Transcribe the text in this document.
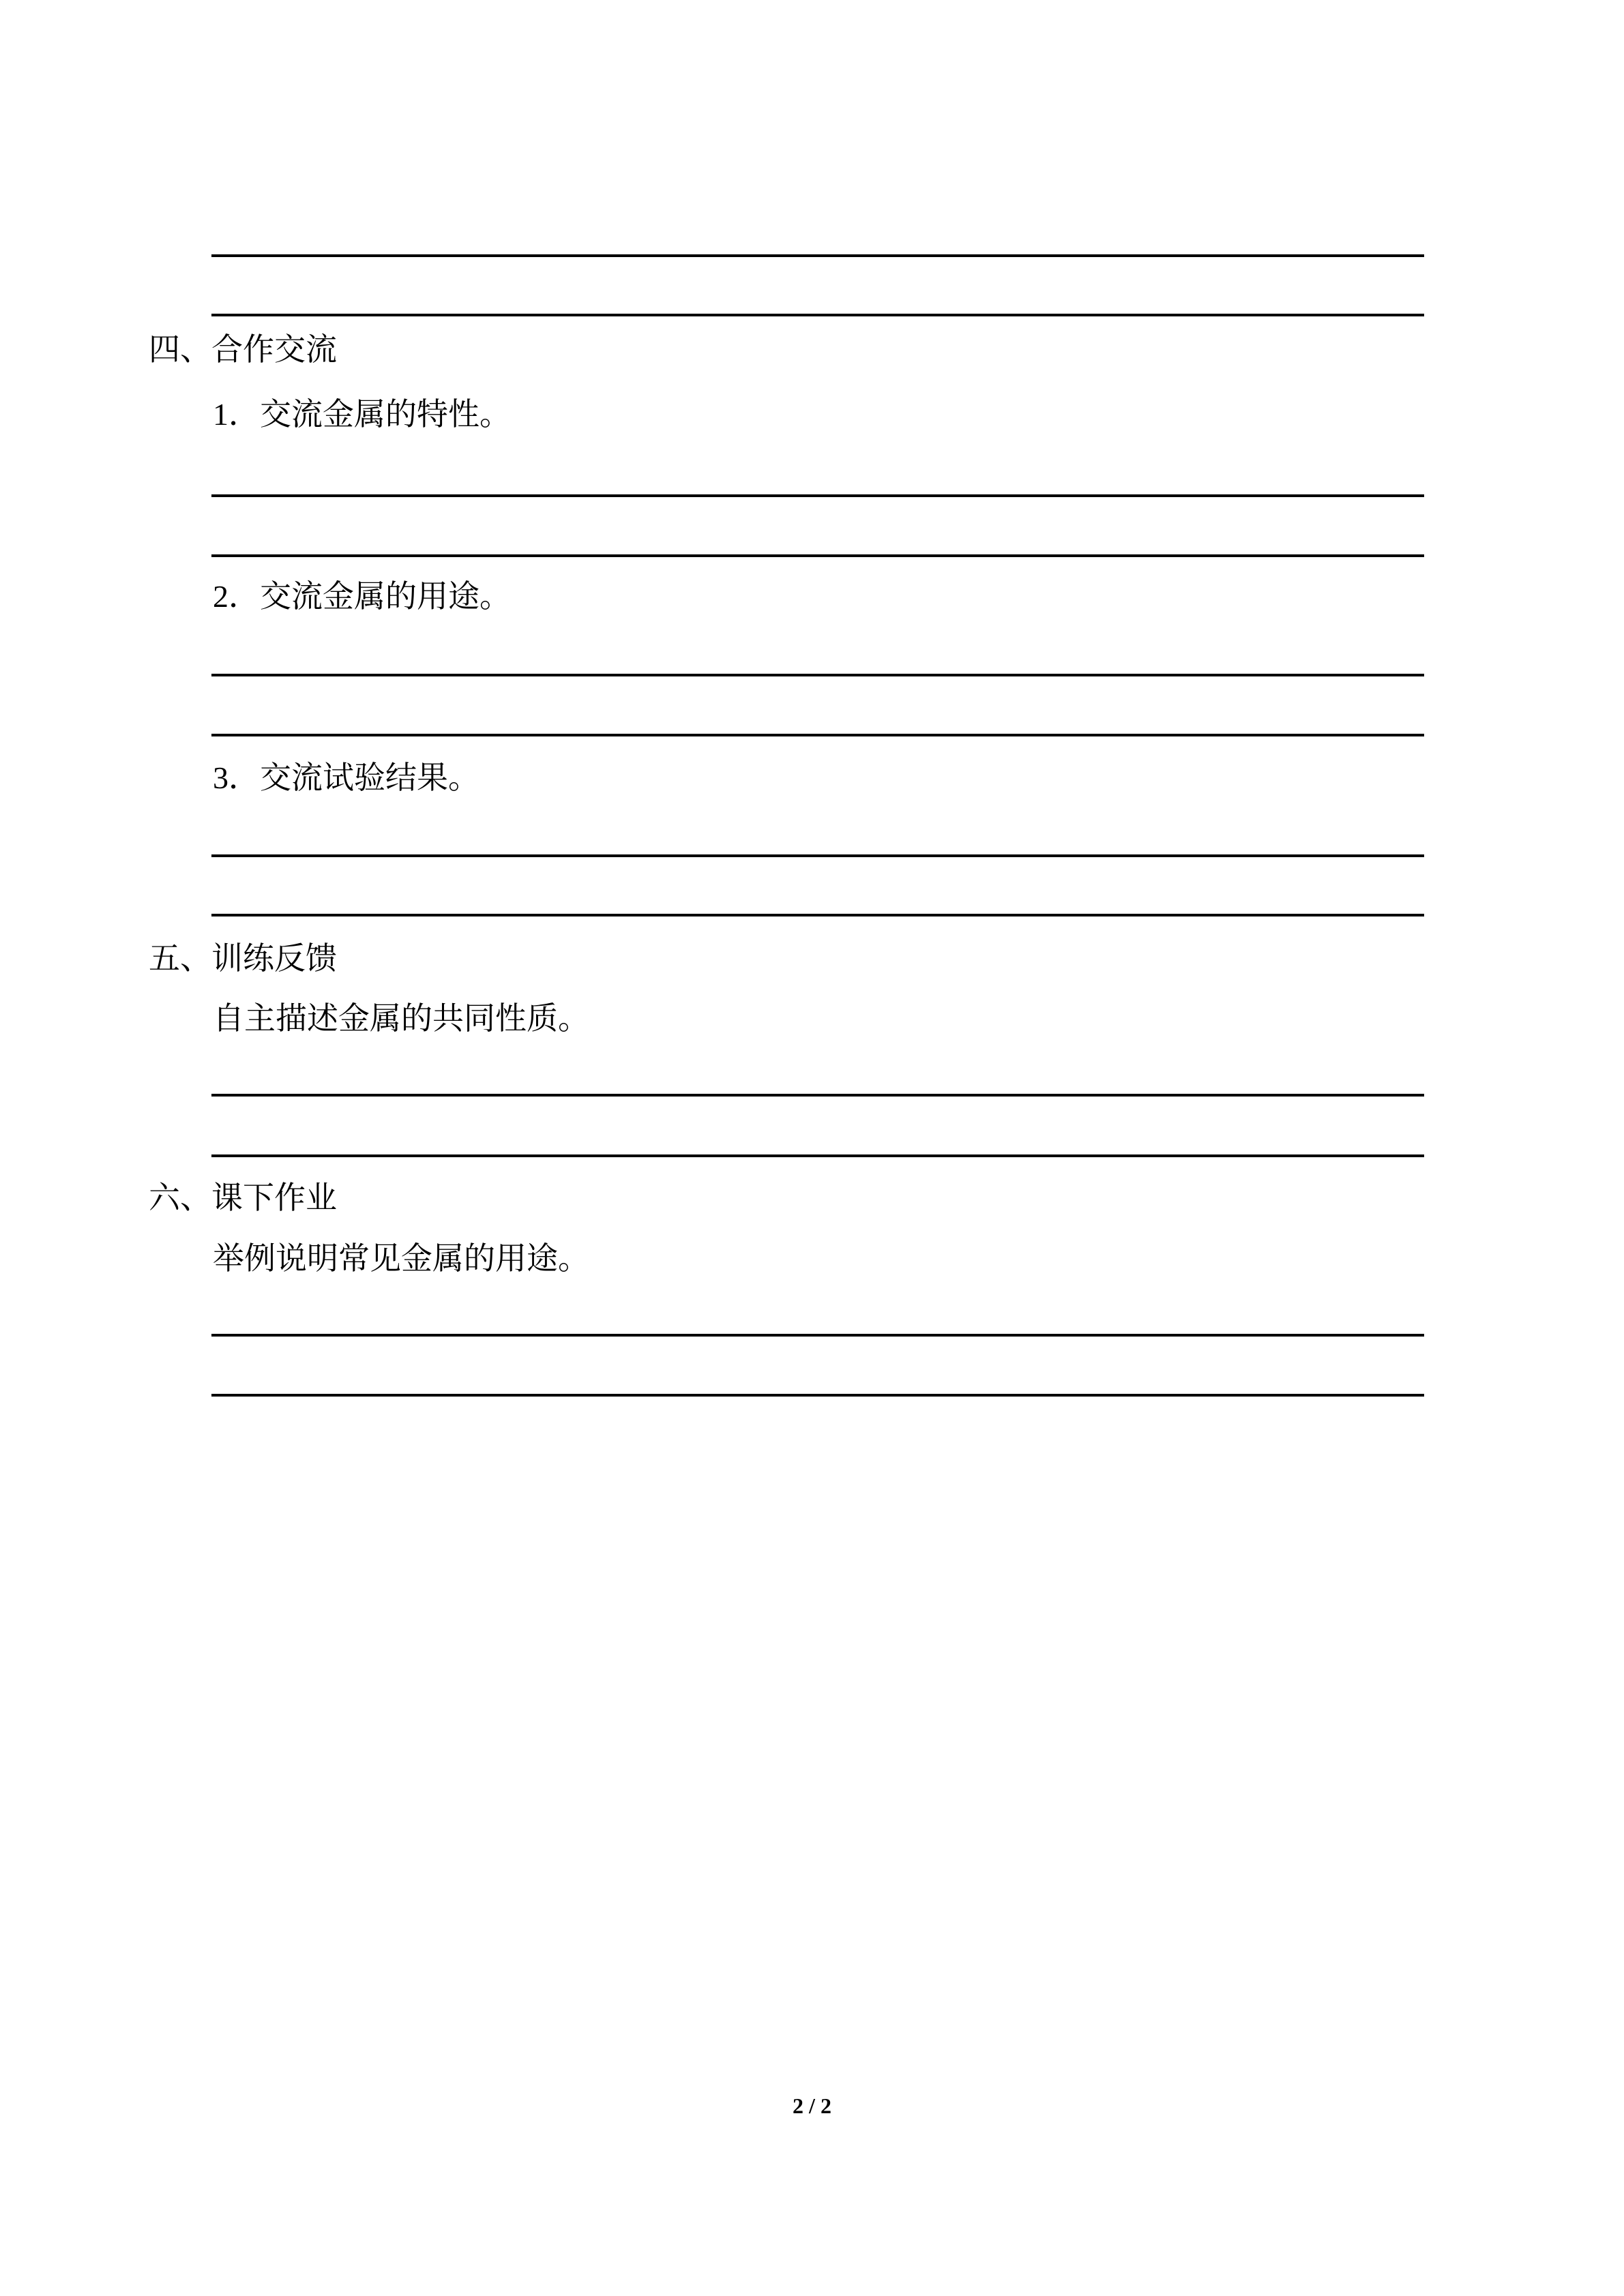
四、合作交流
1．交流金属的特性。
2．交流金属的用途。
3．交流试验结果。
五、训练反馈
自主描述金属的共同性质。
六、课下作业
举例说明常见金属的用途。
2 / 2
